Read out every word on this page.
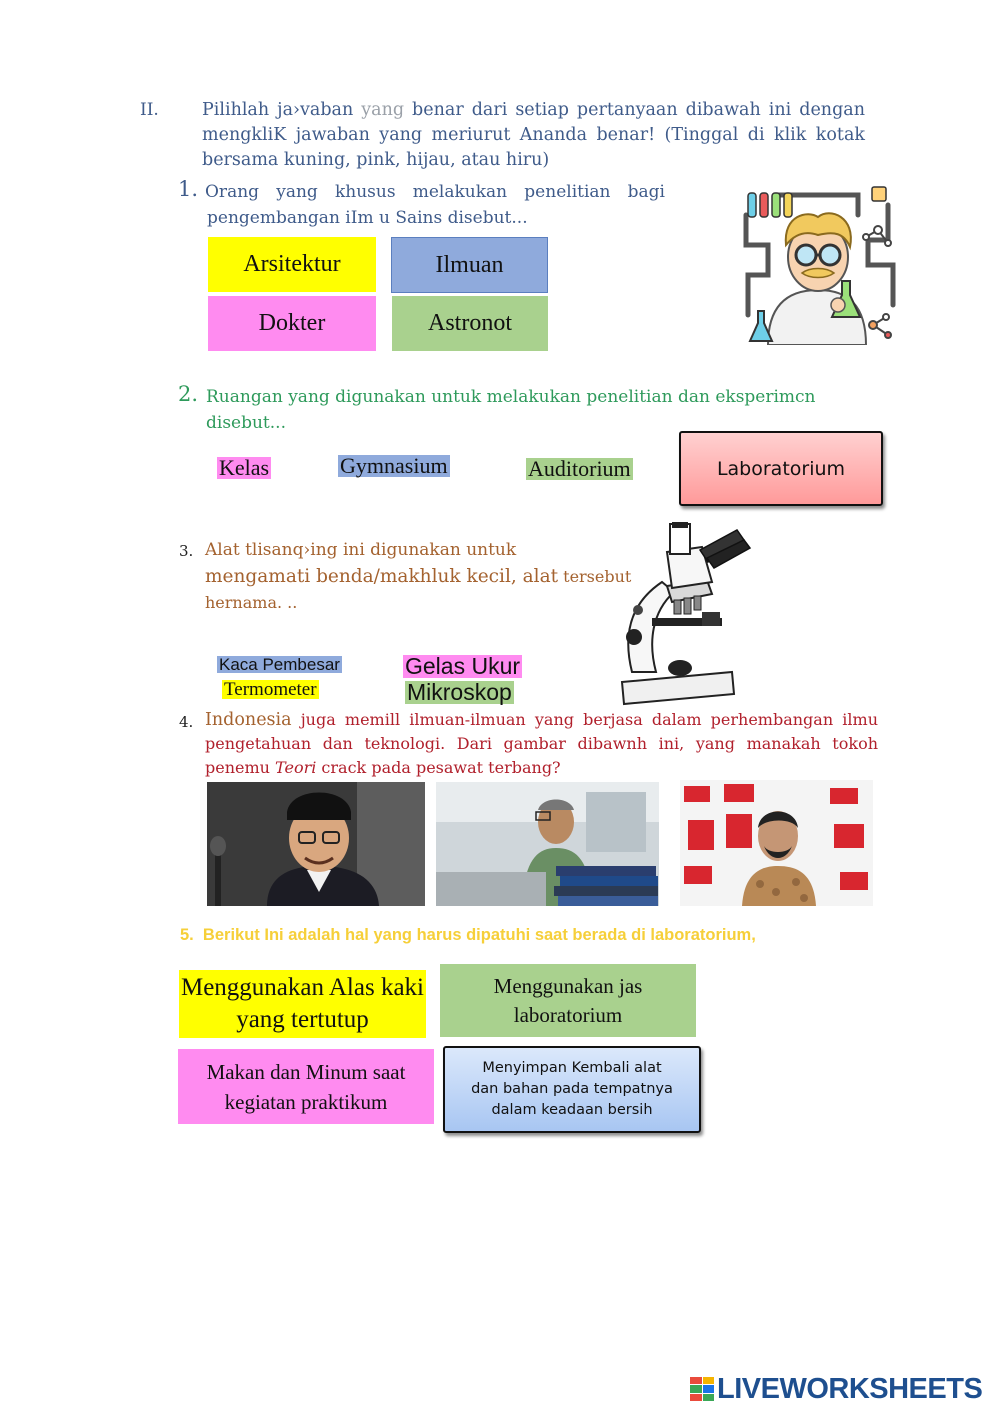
II. Pilihlah ja›vaban yang benar dari setiap pertanyaan dibawah ini dengan
mengkliK jawaban yang meriurut Ananda benar! (Tinggal di klik kotak
bersama kuning, pink, hijau, atau hiru)
1. Orang yang khusus melakukan penelitian bagi
pengembangan iIm u Sains disebut...
Arsitektur	Ilmuan
Dokter	Astronot
2. Ruangan yang digunakan untuk melakukan penelitian dan eksperimcn
disebut...
Kelas	Gymnasium	Auditorium	Laboratorium
3. Alat tlisanq›ing ini digunakan untuk
mengamati benda/makhluk kecil, alat tersebut
hernama. ..
Kaca Pembesar
Termometer
Gelas Ukur
Mikroskop
4. Indonesia juga memill ilmuan-ilmuan yang berjasa dalam perhembangan ilmu
pengetahuan dan teknologi. Dari gambar dibawnh ini, yang manakah tokoh
penemu Teori crack pada pesawat terbang?
5.  Berikut Ini adalah hal yang harus dipatuhi saat berada di laboratorium,
Menggunakan Alas kaki
yang tertutup
Menggunakan jas
laboratorium
Makan dan Minum saat
kegiatan praktikum
Menyimpan Kembali alat
dan bahan pada tempatnya
dalam keadaan bersih
LIVEWORKSHEETS
